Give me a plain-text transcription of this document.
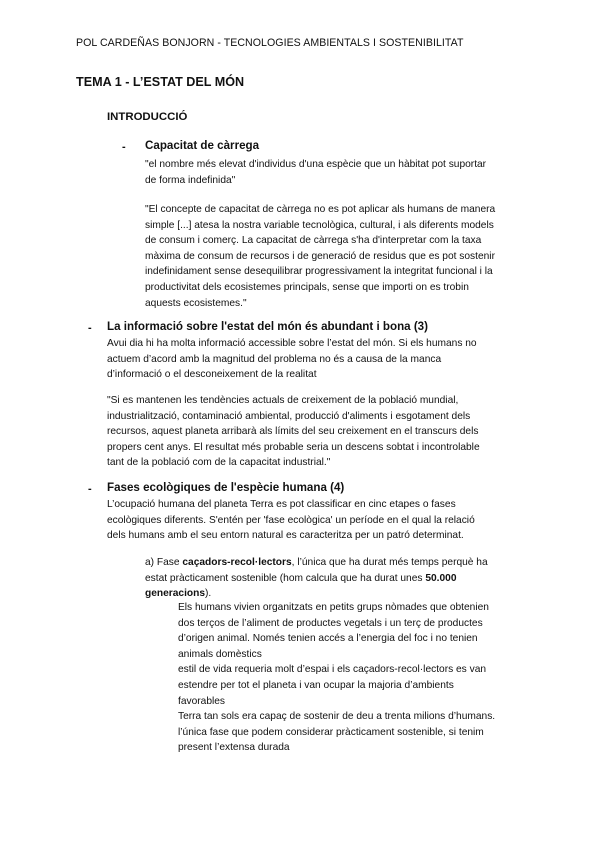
POL CARDEÑAS BONJORN - TECNOLOGIES AMBIENTALS I SOSTENIBILITAT
TEMA 1 - L’ESTAT DEL MÓN
INTRODUCCIÓ
- Capacitat de càrrega
"el nombre més elevat d'individus d'una espècie que un hàbitat pot suportar
de forma indefinida"
"El concepte de capacitat de càrrega no es pot aplicar als humans de manera
simple [...] atesa la nostra variable tecnològica, cultural, i als diferents models
de consum i comerç. La capacitat de càrrega s'ha d'interpretar com la taxa
màxima de consum de recursos i de generació de residus que es pot sostenir
indefinidament sense desequilibrar progressivament la integritat funcional i la
productivitat dels ecosistemes principals, sense que importi on es trobin
aquests ecosistemes."
- La informació sobre l'estat del món és abundant i bona (3)
Avui dia hi ha molta informació accessible sobre l’estat del món. Si els humans no
actuem d’acord amb la magnitud del problema no és a causa de la manca
d’informació o el desconeixement de la realitat
"Si es mantenen les tendències actuals de creixement de la població mundial,
industrialització, contaminació ambiental, producció d'aliments i esgotament dels
recursos, aquest planeta arribarà als límits del seu creixement en el transcurs dels
propers cent anys. El resultat més probable seria un descens sobtat i incontrolable
tant de la població com de la capacitat industrial."
- Fases ecològiques de l'espècie humana (4)
L’ocupació humana del planeta Terra es pot classificar en cinc etapes o fases
ecològiques diferents. S'entén per 'fase ecològica' un període en el qual la relació
dels humans amb el seu entorn natural es caracteritza per un patró determinat.
a) Fase caçadors-recol·lectors, l’única que ha durat més temps perquè ha
estat pràcticament sostenible (hom calcula que ha durat unes 50.000
generacions).
Els humans vivien organitzats en petits grups nòmades que obtenien
dos terços de l’aliment de productes vegetals i un terç de productes
d’origen animal. Només tenien accés a l’energia del foc i no tenien
animals domèstics
estil de vida requeria molt d’espai i els caçadors-recol·lectors es van
estendre per tot el planeta i van ocupar la majoria d’ambients
favorables
Terra tan sols era capaç de sostenir de deu a trenta milions d’humans.
l’única fase que podem considerar pràcticament sostenible, si tenim
present l’extensa durada
